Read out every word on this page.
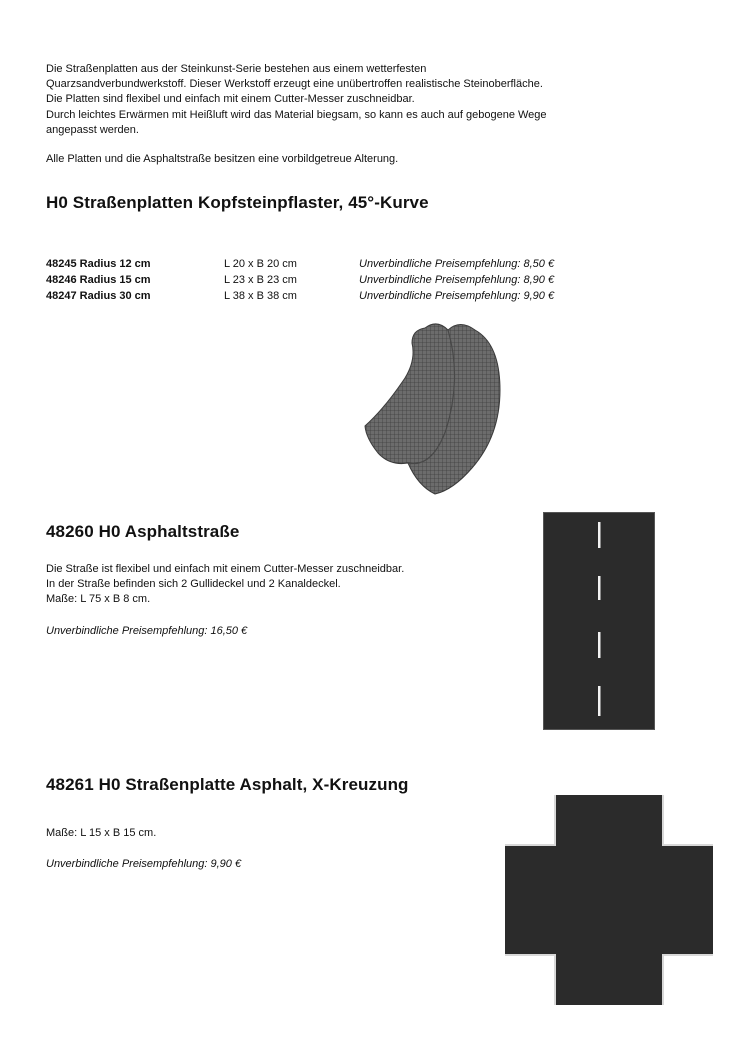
Die Straßenplatten aus der Steinkunst-Serie bestehen aus einem wetterfesten

Quarzsandverbundwerkstoff. Dieser Werkstoff erzeugt eine unübertroffen realistische Steinoberfläche.

Die Platten sind flexibel und einfach mit einem Cutter-Messer zuschneidbar.

Durch leichtes Erwärmen mit Heißluft wird das Material biegsam, so kann es auch auf gebogene Wege

angepasst werden.

Alle Platten und die Asphaltstraße besitzen eine vorbildgetreue Alterung.

H0 Straßenplatten Kopfsteinpflaster, 45°-Kurve
48245 Radius 12 cm	L 20 x B 20 cm	Unverbindliche Preisempfehlung: 8,50 €
48246 Radius 15 cm	L 23 x B 23 cm	Unverbindliche Preisempfehlung: 8,90 €
48247 Radius 30 cm	L 38 x B 38 cm	Unverbindliche Preisempfehlung: 9,90 €
48260 H0 Asphaltstraße

Die Straße ist flexibel und einfach mit einem Cutter-Messer zuschneidbar.

In der Straße befinden sich 2 Gullideckel und 2 Kanaldeckel.

Maße: L 75 x B 8 cm.

Unverbindliche Preisempfehlung: 16,50 €

48261 H0 Straßenplatte Asphalt, X-Kreuzung

Maße: L 15 x B 15 cm.

Unverbindliche Preisempfehlung: 9,90 €
